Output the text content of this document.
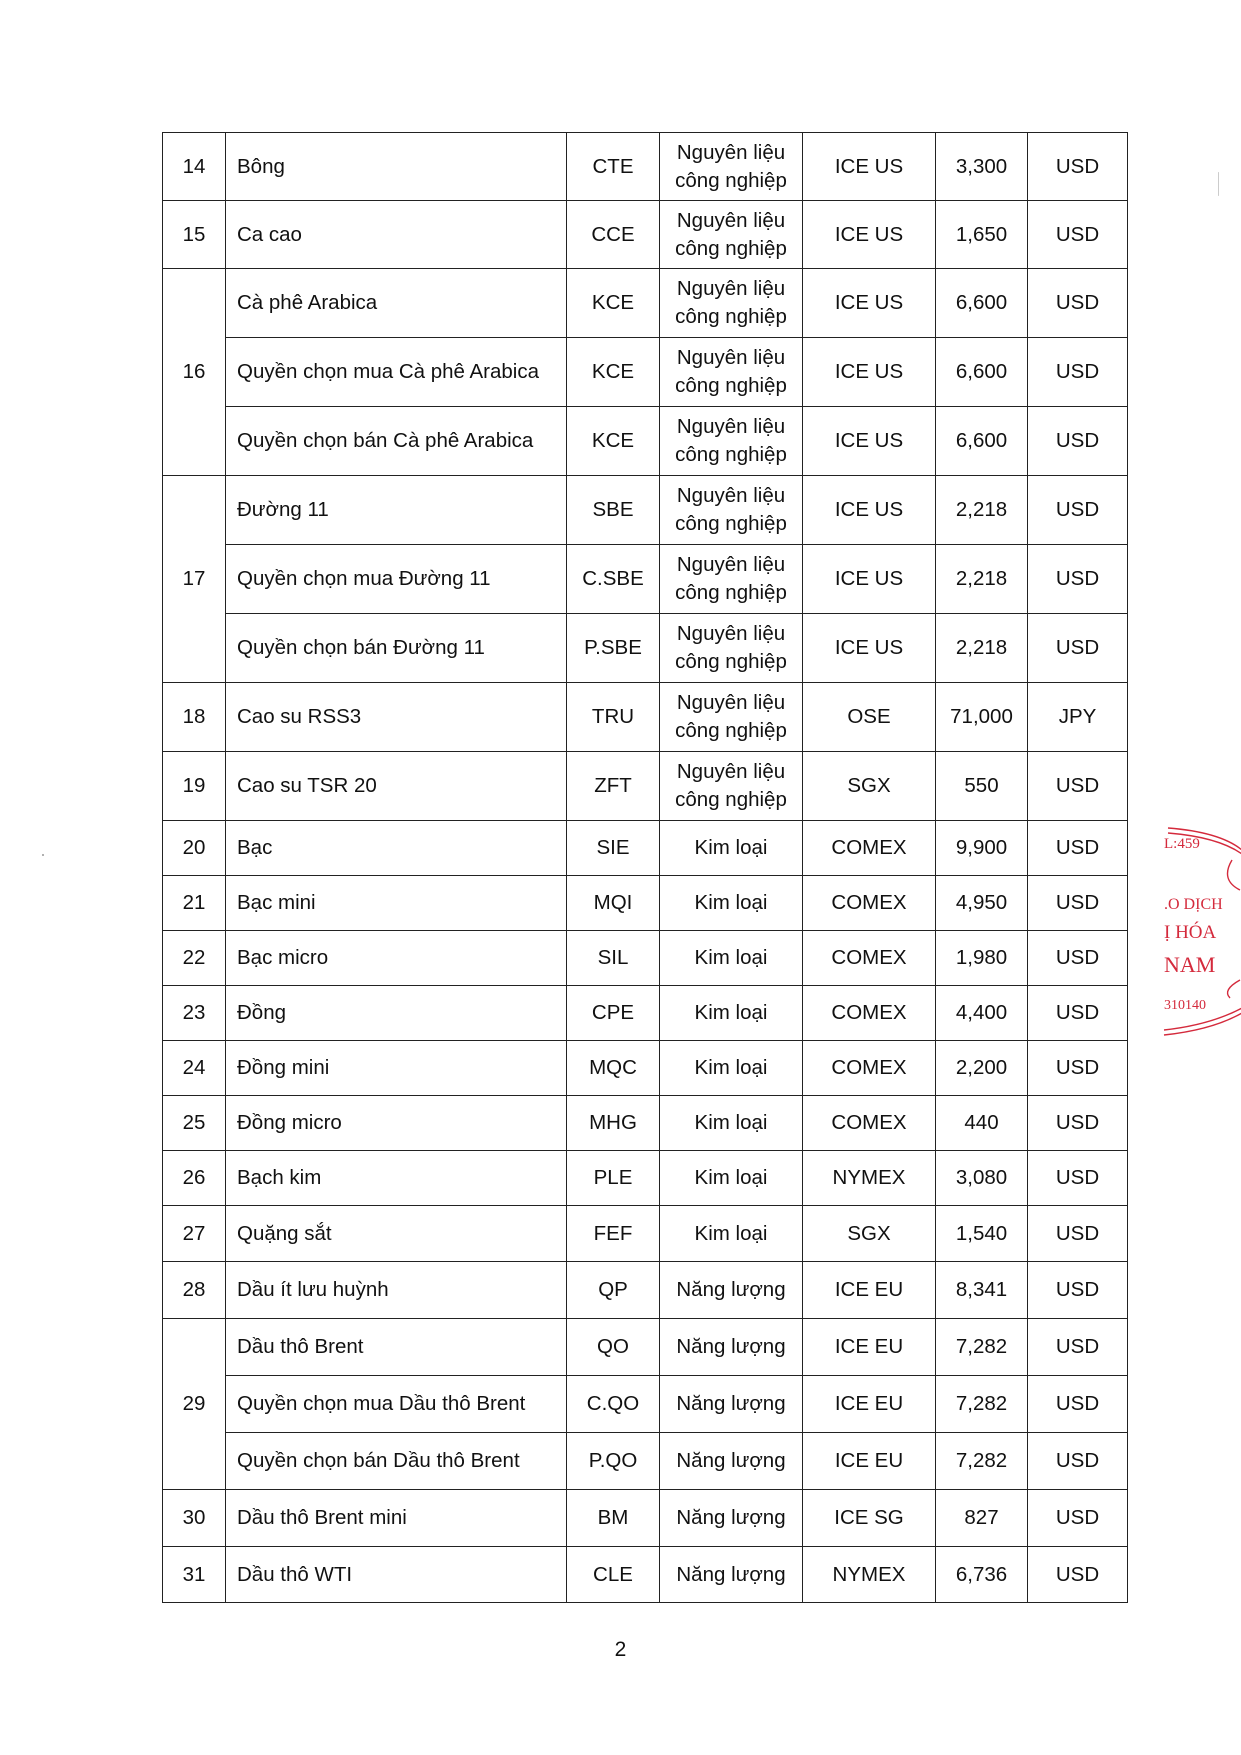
14	Bông	CTE	Nguyên liệu công nghiệp	ICE US	3,300	USD
15	Ca cao	CCE	Nguyên liệu công nghiệp	ICE US	1,650	USD
16	Cà phê Arabica	KCE	Nguyên liệu công nghiệp	ICE US	6,600	USD
	Quyền chọn mua Cà phê Arabica	KCE	Nguyên liệu công nghiệp	ICE US	6,600	USD
	Quyền chọn bán Cà phê Arabica	KCE	Nguyên liệu công nghiệp	ICE US	6,600	USD
17	Đường 11	SBE	Nguyên liệu công nghiệp	ICE US	2,218	USD
	Quyền chọn mua Đường 11	C.SBE	Nguyên liệu công nghiệp	ICE US	2,218	USD
	Quyền chọn bán Đường 11	P.SBE	Nguyên liệu công nghiệp	ICE US	2,218	USD
18	Cao su RSS3	TRU	Nguyên liệu công nghiệp	OSE	71,000	JPY
19	Cao su TSR 20	ZFT	Nguyên liệu công nghiệp	SGX	550	USD
20	Bạc	SIE	Kim loại	COMEX	9,900	USD
21	Bạc mini	MQI	Kim loại	COMEX	4,950	USD
22	Bạc micro	SIL	Kim loại	COMEX	1,980	USD
23	Đồng	CPE	Kim loại	COMEX	4,400	USD
24	Đồng mini	MQC	Kim loại	COMEX	2,200	USD
25	Đồng micro	MHG	Kim loại	COMEX	440	USD
26	Bạch kim	PLE	Kim loại	NYMEX	3,080	USD
27	Quặng sắt	FEF	Kim loại	SGX	1,540	USD
28	Dầu ít lưu huỳnh	QP	Năng lượng	ICE EU	8,341	USD
29	Dầu thô Brent	QO	Năng lượng	ICE EU	7,282	USD
	Quyền chọn mua Dầu thô Brent	C.QO	Năng lượng	ICE EU	7,282	USD
	Quyền chọn bán Dầu thô Brent	P.QO	Năng lượng	ICE EU	7,282	USD
30	Dầu thô Brent mini	BM	Năng lượng	ICE SG	827	USD
31	Dầu thô WTI	CLE	Năng lượng	NYMEX	6,736	USD
2
L:459
.O DỊCH
Ị HÓA
NAM
310140
